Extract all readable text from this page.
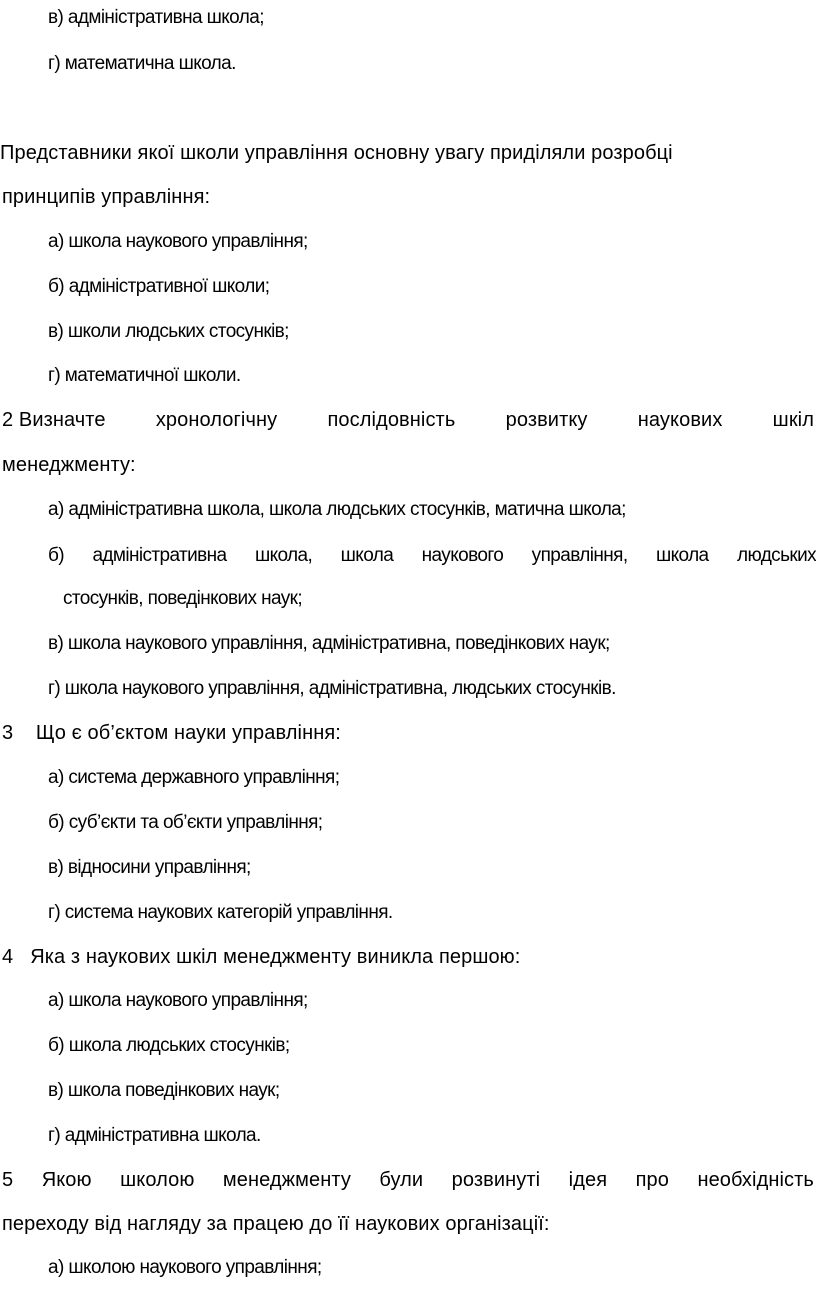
в) адміністративна школа;
г) математична школа.
Представники якої школи управління основну увагу приділяли розробці
принципів управління:
а) школа наукового управління;
б) адміністративної школи;
в) школи людських стосунків;
г) математичної школи.
2 Визначте	хронологічну	послідовність	розвитку	наукових	шкіл
менеджменту:
а) адміністративна школа, школа людських стосунків, матична школа;
б) адміністративна школа, школа наукового управління, школа людських
стосунків, поведінкових наук;
в) школа наукового управління, адміністративна, поведінкових наук;
г) школа наукового управління, адміністративна, людських стосунків.
3    Що є об’єктом науки управління:
а) система державного управління;
б) суб’єкти та об’єкти управління;
в) відносини управління;
г) система наукових категорій управління.
4   Яка з наукових шкіл менеджменту виникла першою:
а) школа наукового управління;
б) школа людських стосунків;
в) школа поведінкових наук;
г) адміністративна школа.
5 Якою школою менеджменту були розвинуті ідея про необхідність
переходу від нагляду за працею до її наукових організації:
а) школою наукового управління;
